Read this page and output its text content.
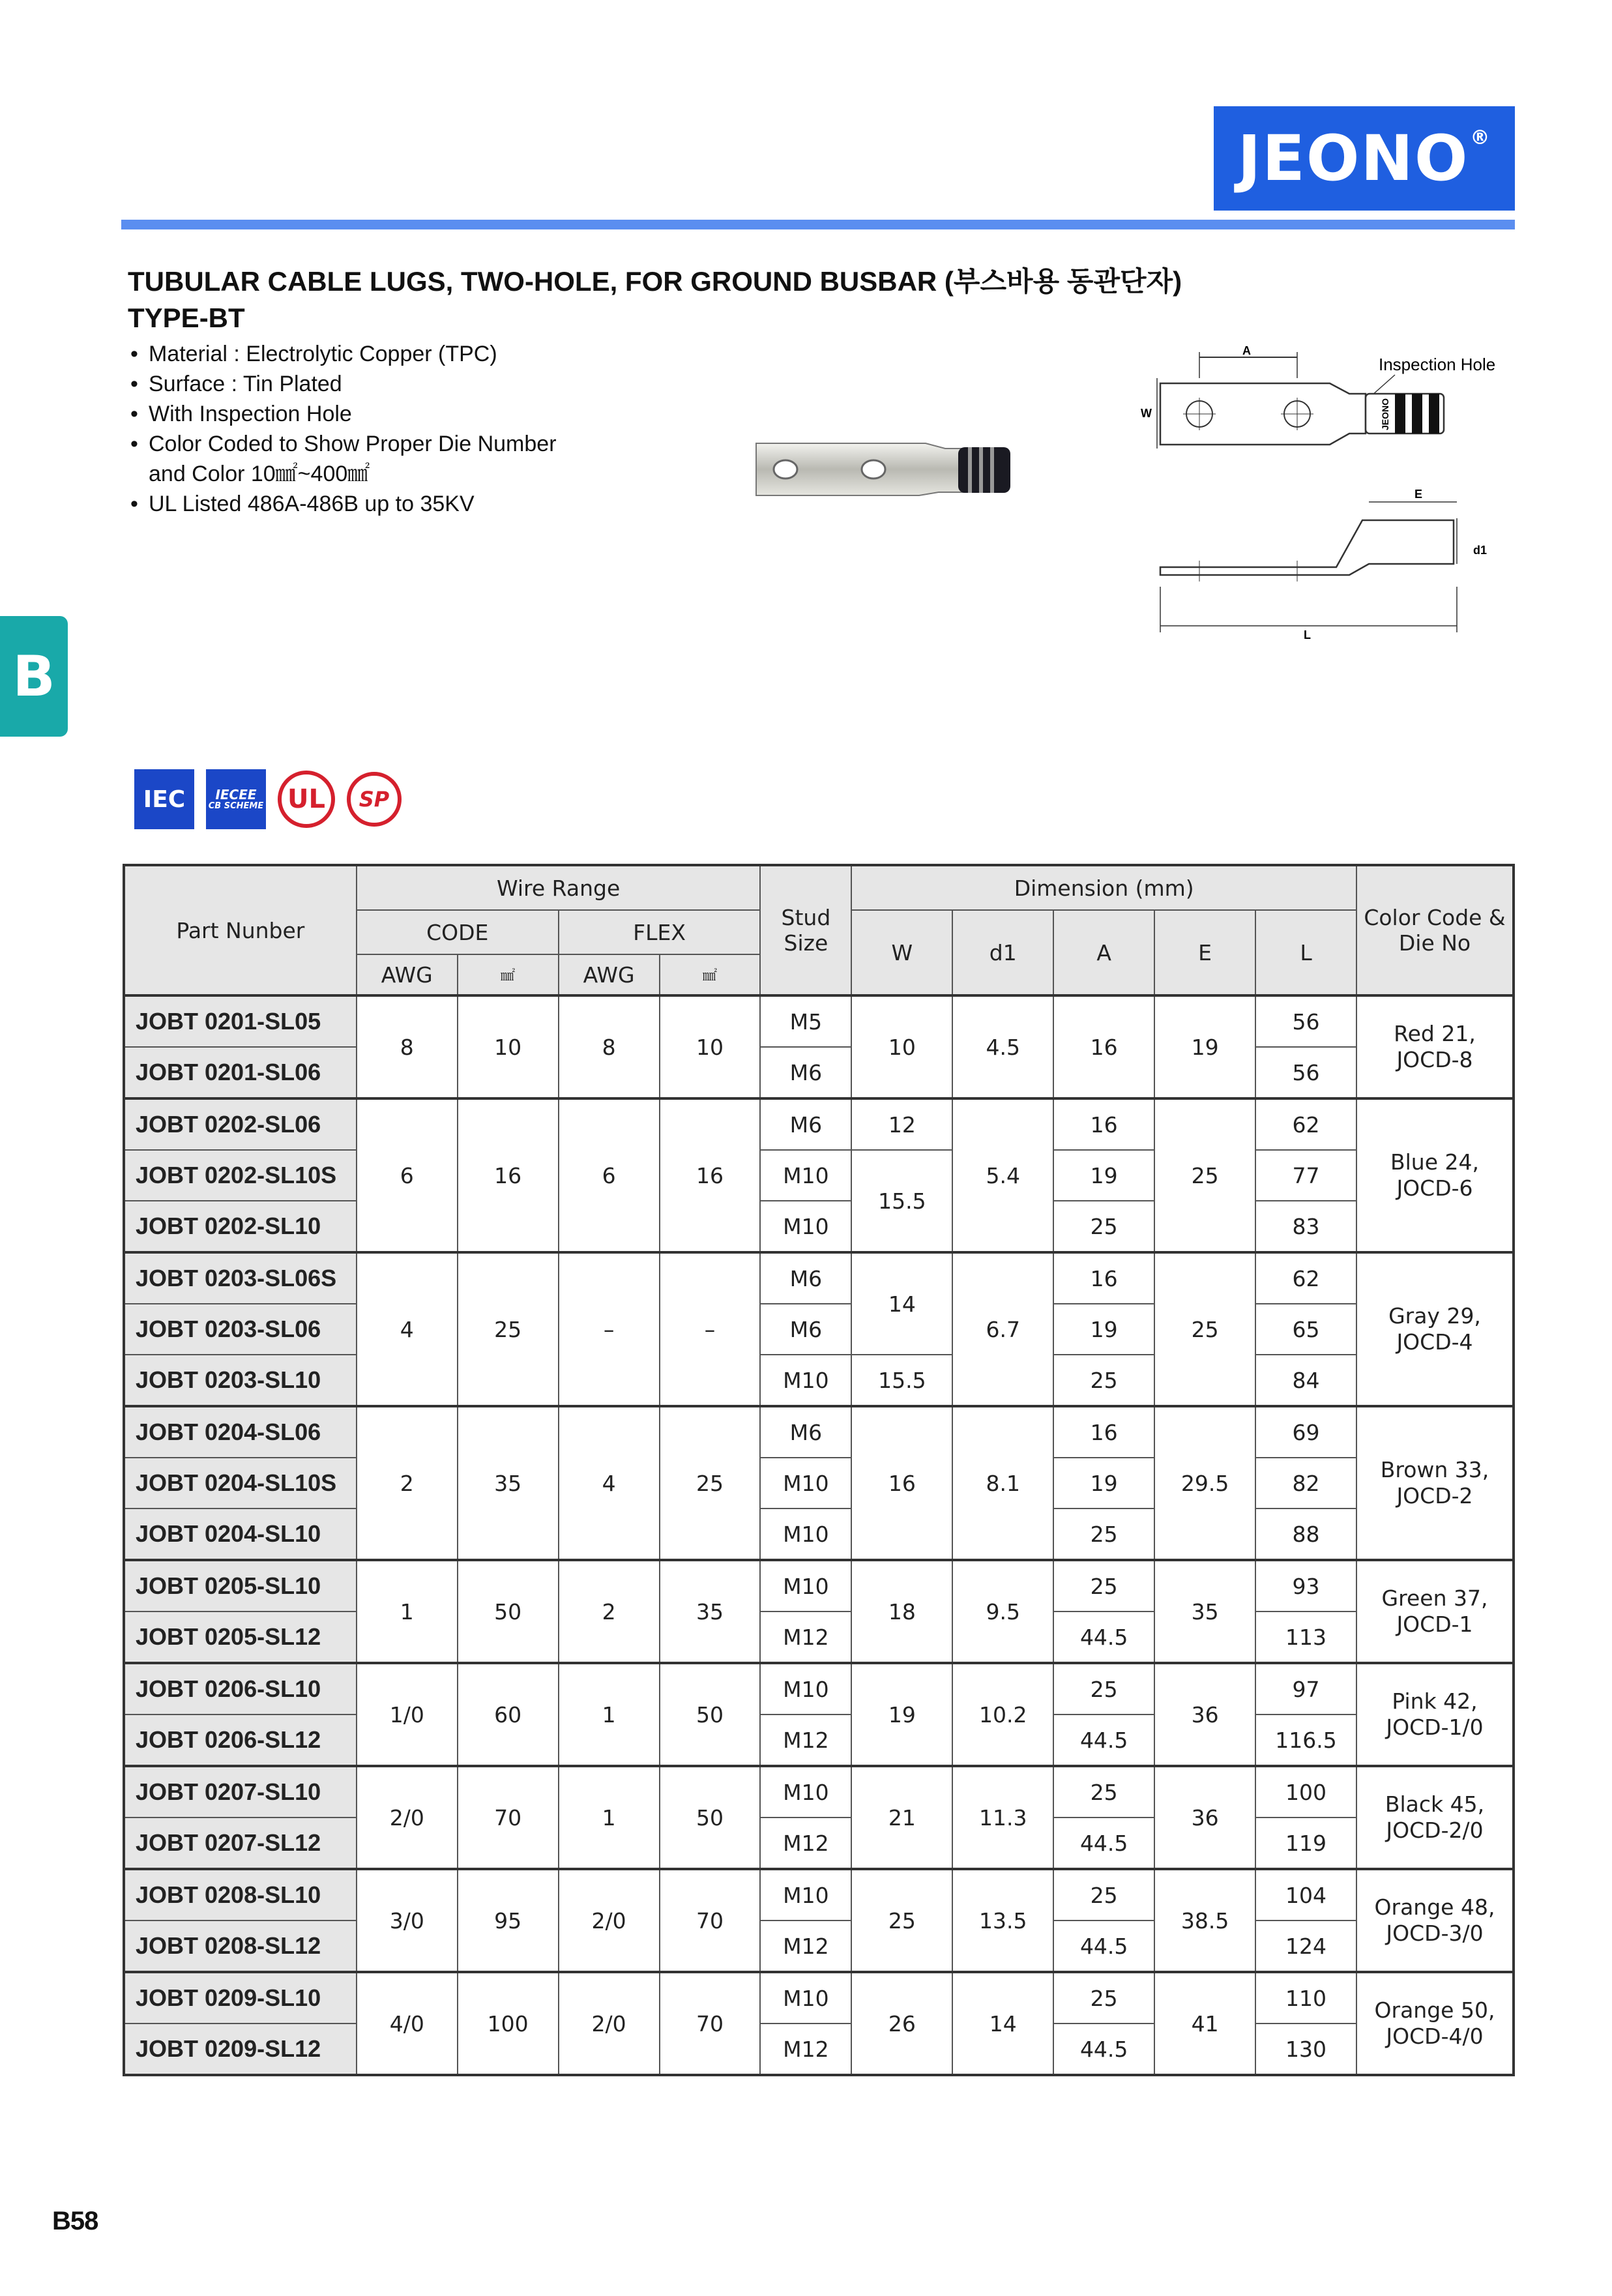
JEONO ®
TUBULAR CABLE LUGS, TWO-HOLE, FOR GROUND BUSBAR (부스바용 동관단자)
TYPE-BT
• Material : Electrolytic Copper (TPC)
• Surface : Tin Plated
• With Inspection Hole
• Color Coded to Show Proper Die Number
and Color 10㎟~400㎟
• UL Listed 486A-486B up to 35KV
A
Inspection Hole
W	JEONO
E
d1
L
B
IEC	IECEE
CB SCHEME UL	SP
Part Nunber	Wire Range				Stud Size	Dimension (mm)					Color Code & Die No
	CODE		FLEX			W	d1	A	E	L	
	AWG	㎟	AWG	㎟							
JOBT 0201-SL05	8	10	8	10	M5	10	4.5	16	19	56	Red 21,
JOCD-8

JOBT 0201-SL06					M6					56	
JOBT 0202-SL06	6	16	6	16	M6	12	5.4	16	25	62	Blue 24,
JOCD-6

JOBT 0202-SL10S					M10	15.5		19		77	
JOBT 0202-SL10					M10			25		83	
JOBT 0203-SL06S	4	25	–	–	M6	14	6.7	16	25	62	Gray 29,
JOCD-4

JOBT 0203-SL06					M6			19		65	
JOBT 0203-SL10					M10	15.5		25		84	
JOBT 0204-SL06	2	35	4	25	M6	16	8.1	16	29.5	69	Brown 33,
JOCD-2

JOBT 0204-SL10S					M10			19		82	
JOBT 0204-SL10					M10			25		88	
JOBT 0205-SL10	1	50	2	35	M10	18	9.5	25	35	93	Green 37,
JOCD-1

JOBT 0205-SL12					M12			44.5		113	
JOBT 0206-SL10	1/0	60	1	50	M10	19	10.2	25	36	97	Pink 42,
JOCD-1/0

JOBT 0206-SL12					M12			44.5		116.5	
JOBT 0207-SL10	2/0	70	1	50	M10	21	11.3	25	36	100	Black 45,
JOCD-2/0

JOBT 0207-SL12					M12			44.5		119	
JOBT 0208-SL10	3/0	95	2/0	70	M10	25	13.5	25	38.5	104	Orange 48,
JOCD-3/0

JOBT 0208-SL12					M12			44.5		124	
JOBT 0209-SL10	4/0	100	2/0	70	M10	26	14	25	41	110	Orange 50,
JOCD-4/0

JOBT 0209-SL12					M12			44.5		130	
B58
